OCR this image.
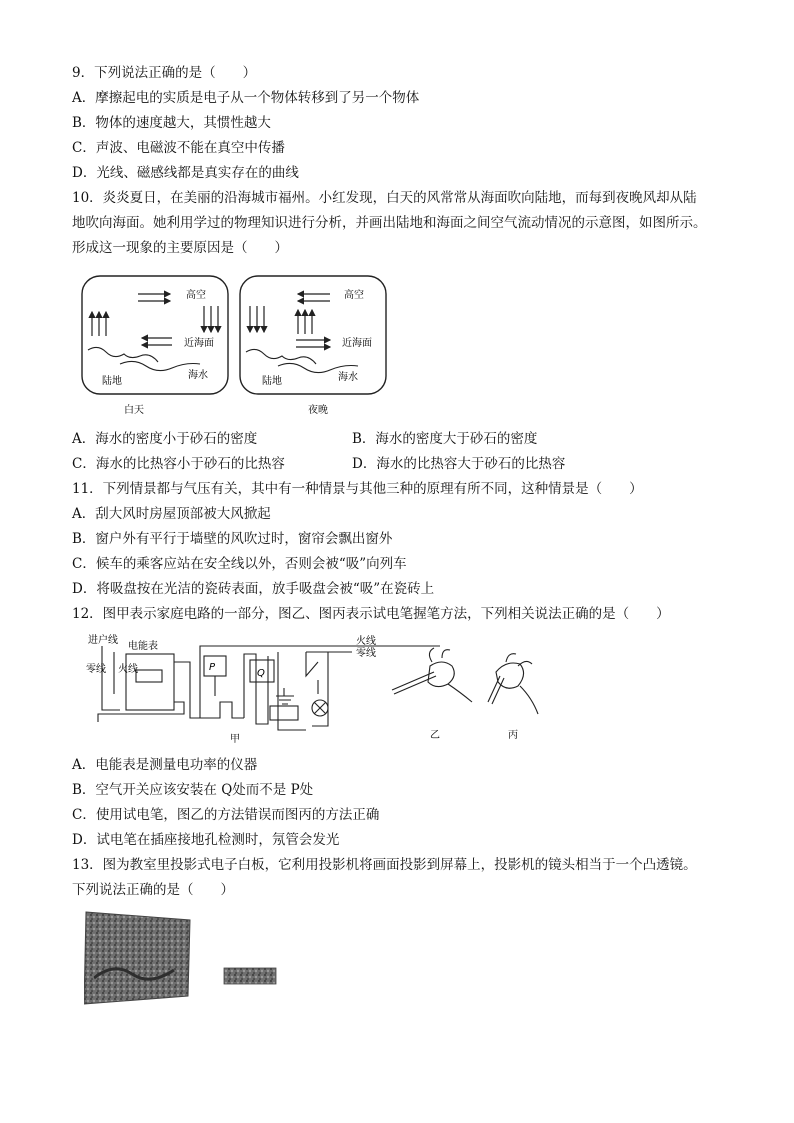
9．下列说法正确的是（　　）
A．摩擦起电的实质是电子从一个物体转移到了另一个物体
B．物体的速度越大，其惯性越大
C．声波、电磁波不能在真空中传播
D．光线、磁感线都是真实存在的曲线
10．炎炎夏日，在美丽的沿海城市福州。小红发现，白天的风常常从海面吹向陆地，而每到夜晚风却从陆
地吹向海面。她利用学过的物理知识进行分析，并画出陆地和海面之间空气流动情况的示意图，如图所示。
形成这一现象的主要原因是（　　）
高空
近海面
陆地
海水
白天
高空
近海面
陆地	海水
夜晚
A．海水的密度小于砂石的密度	B．海水的密度大于砂石的密度
C．海水的比热容小于砂石的比热容	D．海水的比热容大于砂石的比热容
11．下列情景都与气压有关，其中有一种情景与其他三种的原理有所不同，这种情景是（　　）
A．刮大风时房屋顶部被大风掀起
B．窗户外有平行于墙壁的风吹过时，窗帘会飘出窗外
C．候车的乘客应站在安全线以外，否则会被“吸”向列车
D．将吸盘按在光洁的瓷砖表面，放手吸盘会被“吸”在瓷砖上
12．图甲表示家庭电路的一部分，图乙、图丙表示试电笔握笔方法，下列相关说法正确的是（　　）
进户线
电能表
零线 火线	P
Q
火线
零线
甲	乙	丙
A．电能表是测量电功率的仪器
B．空气开关应该安装在 Q处而不是 P处
C．使用试电笔，图乙的方法错误而图丙的方法正确
D．试电笔在插座接地孔检测时，氖管会发光
13．图为教室里投影式电子白板，它利用投影机将画面投影到屏幕上，投影机的镜头相当于一个凸透镜。
下列说法正确的是（　　）
